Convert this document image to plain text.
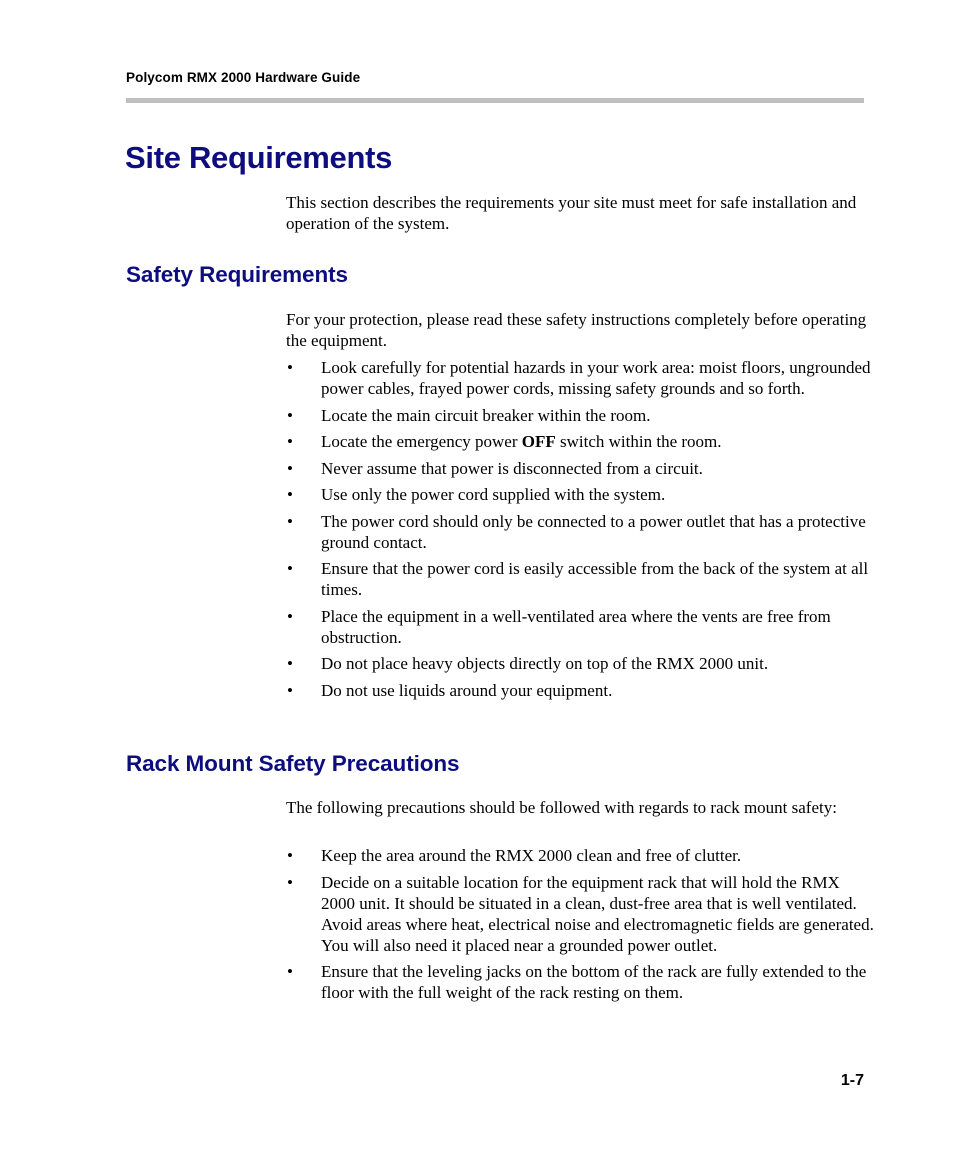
Polycom RMX 2000 Hardware Guide
Site Requirements

This section describes the requirements your site must meet for safe installation and operation of the system.

Safety Requirements

For your protection, please read these safety instructions completely before operating the equipment.

• Look carefully for potential hazards in your work area: moist floors, ungrounded power cables, frayed power cords, missing safety grounds and so forth.
• Locate the main circuit breaker within the room.
• Locate the emergency power OFF switch within the room.
• Never assume that power is disconnected from a circuit.
• Use only the power cord supplied with the system.
• The power cord should only be connected to a power outlet that has a protective ground contact.
• Ensure that the power cord is easily accessible from the back of the system at all times.
• Place the equipment in a well-ventilated area where the vents are free from obstruction.
• Do not place heavy objects directly on top of the RMX 2000 unit.
• Do not use liquids around your equipment.
Rack Mount Safety Precautions

The following precautions should be followed with regards to rack mount safety:

• Keep the area around the RMX 2000 clean and free of clutter.
• Decide on a suitable location for the equipment rack that will hold the RMX 2000 unit. It should be situated in a clean, dust-free area that is well ventilated. Avoid areas where heat, electrical noise and electromagnetic fields are generated. You will also need it placed near a grounded power outlet.
• Ensure that the leveling jacks on the bottom of the rack are fully extended to the floor with the full weight of the rack resting on them.
1-7
